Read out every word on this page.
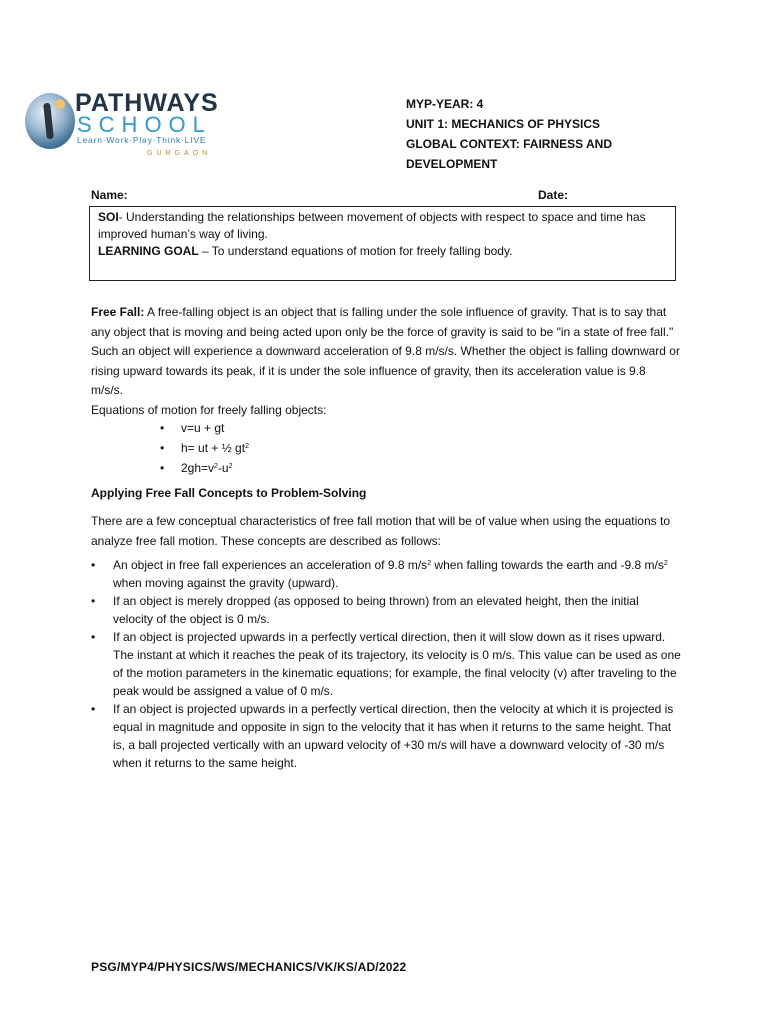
PATHWAYS
SCHOOL
Learn·Work·Play·Think·LIVE
GURGAON
MYP-YEAR: 4
UNIT 1: MECHANICS OF PHYSICS
GLOBAL CONTEXT: FAIRNESS AND
DEVELOPMENT
Name:	Date:
SOI- Understanding the relationships between movement of objects with respect to space and time has improved human’s way of living.
LEARNING GOAL – To understand equations of motion for freely falling body.
Free Fall: A free-falling object is an object that is falling under the sole influence of gravity. That is to say that any object that is moving and being acted upon only be the force of gravity is said to be "in a state of free fall." Such an object will experience a downward acceleration of 9.8 m/s/s. Whether the object is falling downward or rising upward towards its peak, if it is under the sole influence of gravity, then its acceleration value is 9.8 m/s/s.
Equations of motion for freely falling objects:
• v=u + gt
• h= ut + ½ $gt^2$
• $2gh=v^2-u^2$
Applying Free Fall Concepts to Problem-Solving
There are a few conceptual characteristics of free fall motion that will be of value when using the equations to analyze free fall motion. These concepts are described as follows:
• An object in free fall experiences an acceleration of 9.8 $m/s^2$ when falling towards the earth and -9.8 $m/s^2$ when moving against the gravity (upward).
• If an object is merely dropped (as opposed to being thrown) from an elevated height, then the initial velocity of the object is 0 m/s.
• If an object is projected upwards in a perfectly vertical direction, then it will slow down as it rises upward. The instant at which it reaches the peak of its trajectory, its velocity is 0 m/s. This value can be used as one of the motion parameters in the kinematic equations; for example, the final velocity (v) after traveling to the peak would be assigned a value of 0 m/s.
• If an object is projected upwards in a perfectly vertical direction, then the velocity at which it is projected is equal in magnitude and opposite in sign to the velocity that it has when it returns to the same height. That is, a ball projected vertically with an upward velocity of +30 m/s will have a downward velocity of -30 m/s when it returns to the same height.
PSG/MYP4/PHYSICS/WS/MECHANICS/VK/KS/AD/2022
